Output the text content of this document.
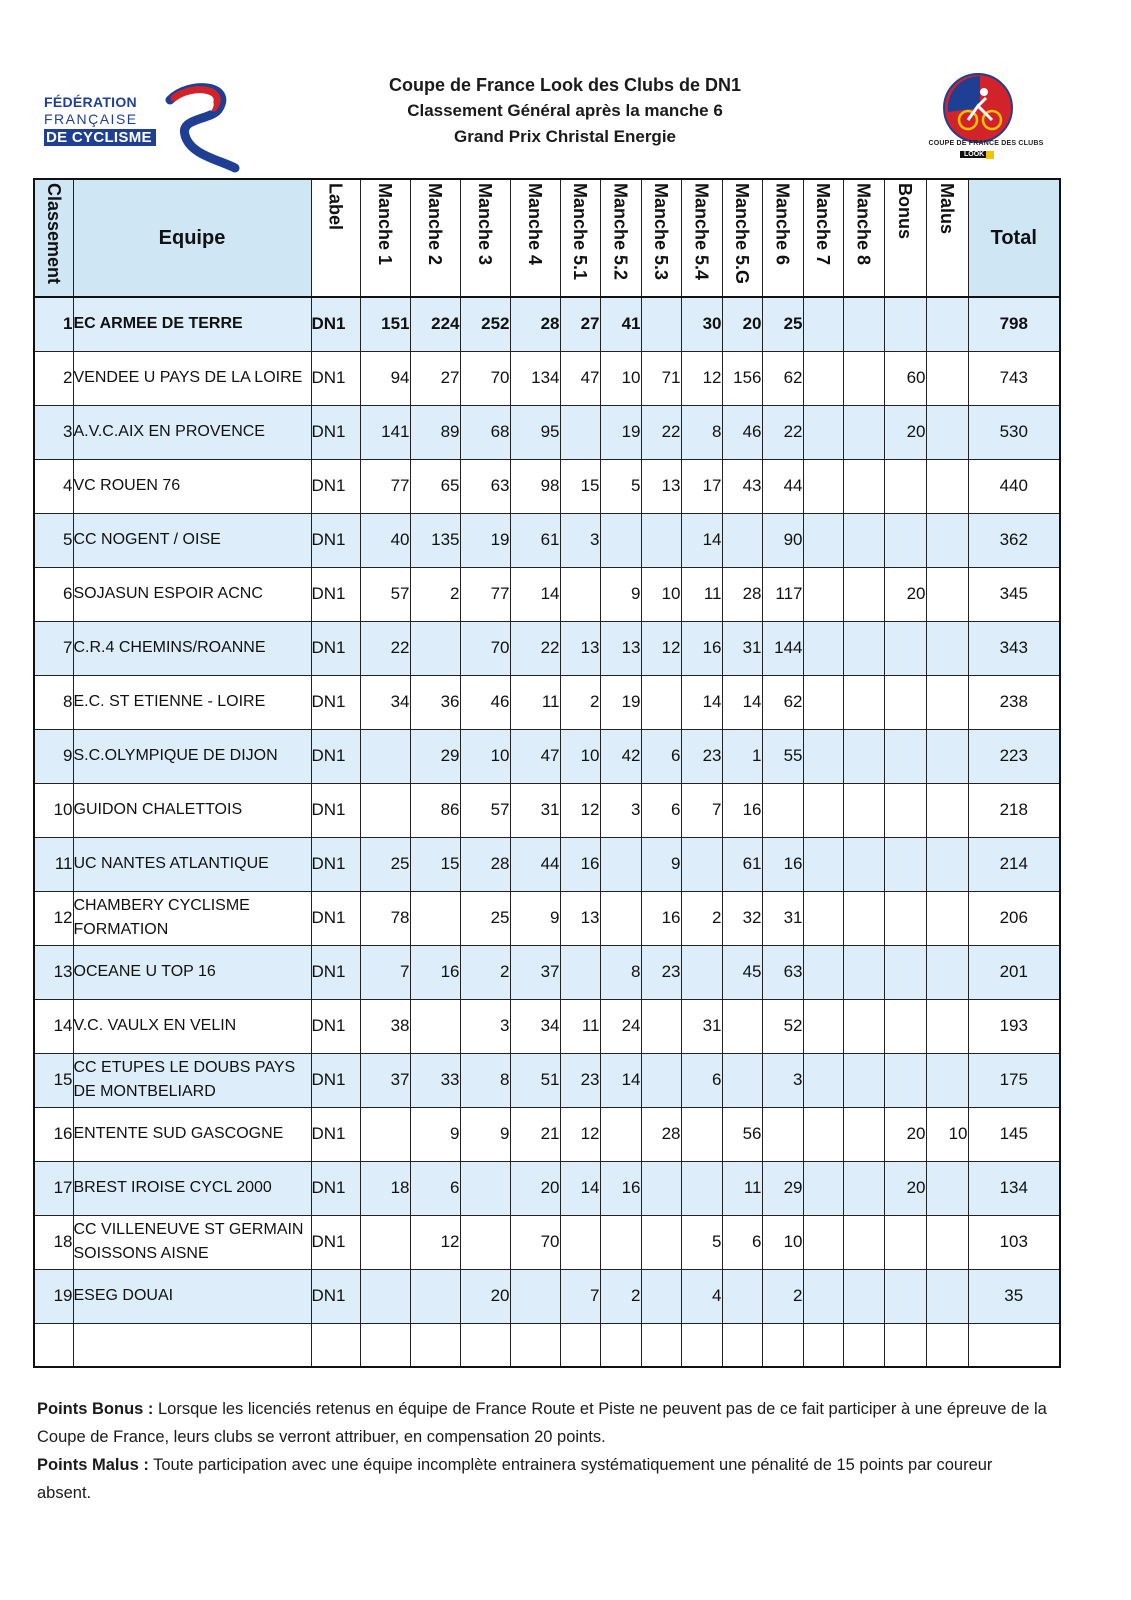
FÉDÉRATION
FRANÇAISE
DE CYCLISME
Coupe de France Look des Clubs de DN1
Classement Général après la manche 6
Grand Prix Christal Energie	COUPE DE FRANCE DES CLUBS
LOOK
Classement	Equipe	Label	Manche 1	Manche 2	Manche 3	Manche 4	Manche 5.1	Manche 5.2	Manche 5.3	Manche 5.4	Manche 5.G	Manche 6	Manche 7	Manche 8	Bonus	Malus	Total
1	EC ARMEE DE TERRE	DN1	151	224	252	28	27	41		30	20	25					798
2	VENDEE U PAYS DE LA LOIRE	DN1	94	27	70	134	47	10	71	12	156	62			60		743
3	A.V.C.AIX EN PROVENCE	DN1	141	89	68	95		19	22	8	46	22			20		530
4	VC ROUEN 76	DN1	77	65	63	98	15	5	13	17	43	44					440
5	CC NOGENT / OISE	DN1	40	135	19	61	3			14		90					362
6	SOJASUN ESPOIR ACNC	DN1	57	2	77	14		9	10	11	28	117			20		345
7	C.R.4 CHEMINS/ROANNE	DN1	22		70	22	13	13	12	16	31	144					343
8	E.C. ST ETIENNE - LOIRE	DN1	34	36	46	11	2	19		14	14	62					238
9	S.C.OLYMPIQUE DE DIJON	DN1		29	10	47	10	42	6	23	1	55					223
10	GUIDON CHALETTOIS	DN1		86	57	31	12	3	6	7	16						218
11	UC NANTES ATLANTIQUE	DN1	25	15	28	44	16		9		61	16					214
12	CHAMBERY CYCLISME FORMATION	DN1	78		25	9	13		16	2	32	31					206
13	OCEANE U TOP 16	DN1	7	16	2	37		8	23		45	63					201
14	V.C. VAULX EN VELIN	DN1	38		3	34	11	24		31		52					193
15	CC ETUPES LE DOUBS PAYS DE MONTBELIARD	DN1	37	33	8	51	23	14		6		3					175
16	ENTENTE SUD GASCOGNE	DN1		9	9	21	12		28		56				20	10	145
17	BREST IROISE CYCL 2000	DN1	18	6		20	14	16			11	29			20		134
18	CC VILLENEUVE ST GERMAIN SOISSONS AISNE	DN1		12		70				5	6	10					103
19	ESEG DOUAI	DN1			20		7	2		4		2					35

Points Bonus : Lorsque les licenciés retenus en équipe de France Route et Piste ne peuvent pas de ce fait participer à une épreuve de la Coupe de France, leurs clubs se verront attribuer, en compensation 20 points.
Points Malus : Toute participation avec une équipe incomplète entrainera systématiquement une pénalité de 15 points par coureur absent.
